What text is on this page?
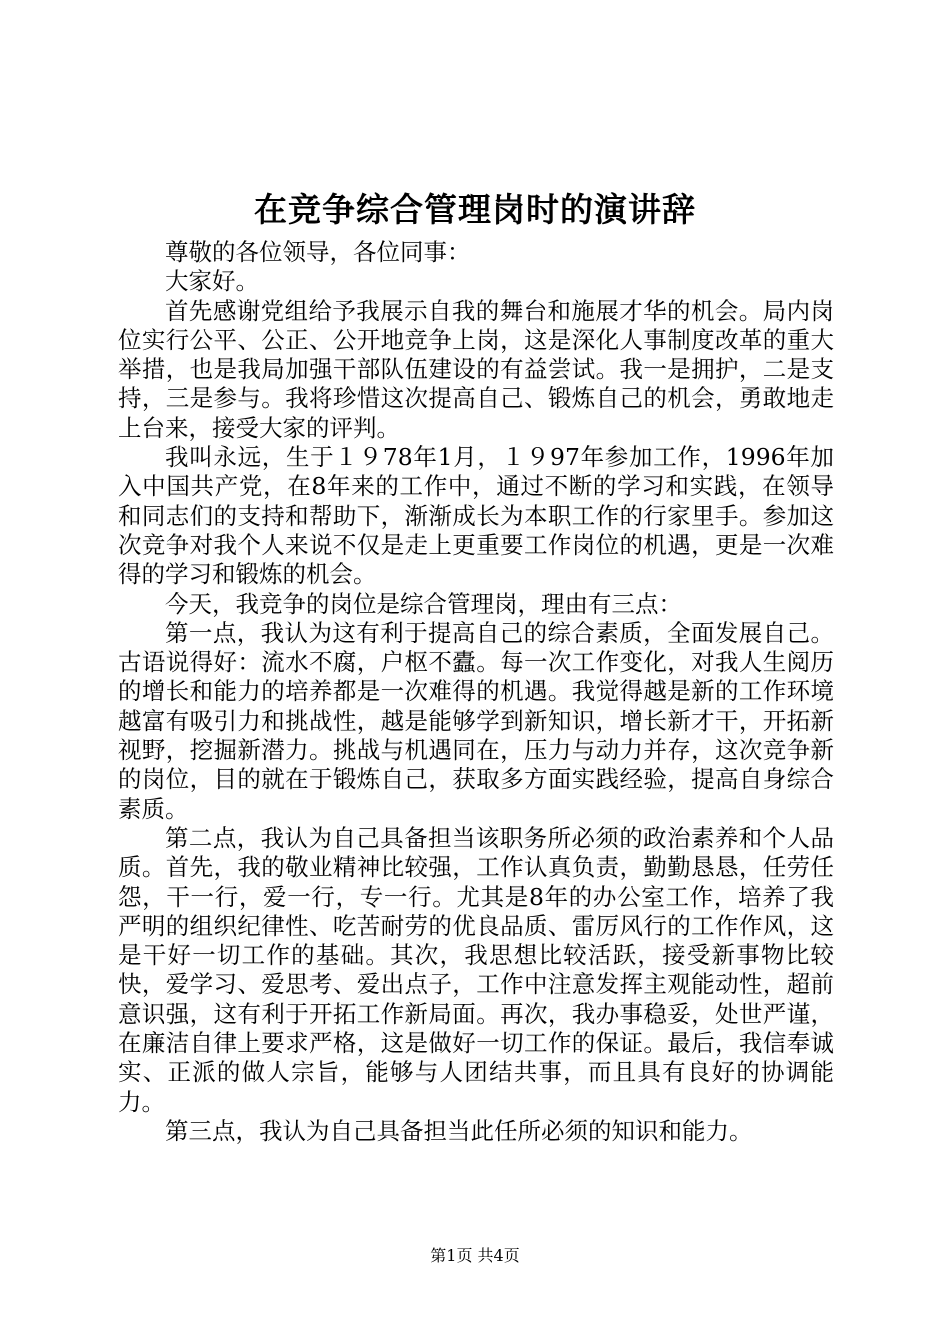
在竞争综合管理岗时的演讲辞

尊敬的各位领导，各位同事：

大家好。

首先感谢党组给予我展示自我的舞台和施展才华的机会。局内岗位实行公平、公正、公开地竞争上岗，这是深化人事制度改革的重大举措，也是我局加强干部队伍建设的有益尝试。我一是拥护，二是支持，三是参与。我将珍惜这次提高自己、锻炼自己的机会，勇敢地走上台来，接受大家的评判。

我叫永远，生于１９78年1月，１９97年参加工作，1996年加入中国共产党，在8年来的工作中，通过不断的学习和实践，在领导和同志们的支持和帮助下，渐渐成长为本职工作的行家里手。参加这次竞争对我个人来说不仅是走上更重要工作岗位的机遇，更是一次难得的学习和锻炼的机会。

今天，我竞争的岗位是综合管理岗，理由有三点：

第一点，我认为这有利于提高自己的综合素质，全面发展自己。古语说得好：流水不腐，户枢不蠹。每一次工作变化，对我人生阅历的增长和能力的培养都是一次难得的机遇。我觉得越是新的工作环境越富有吸引力和挑战性，越是能够学到新知识，增长新才干，开拓新视野，挖掘新潜力。挑战与机遇同在，压力与动力并存，这次竞争新的岗位，目的就在于锻炼自己，获取多方面实践经验，提高自身综合素质。

第二点，我认为自己具备担当该职务所必须的政治素养和个人品质。首先，我的敬业精神比较强，工作认真负责，勤勤恳恳，任劳任怨，干一行，爱一行，专一行。尤其是8年的办公室工作，培养了我严明的组织纪律性、吃苦耐劳的优良品质、雷厉风行的工作作风，这是干好一切工作的基础。其次，我思想比较活跃，接受新事物比较快，爱学习、爱思考、爱出点子，工作中注意发挥主观能动性，超前意识强，这有利于开拓工作新局面。再次，我办事稳妥，处世严谨，在廉洁自律上要求严格，这是做好一切工作的保证。最后，我信奉诚实、正派的做人宗旨，能够与人团结共事，而且具有良好的协调能力。

第三点，我认为自己具备担当此任所必须的知识和能力。

第1页 共4页
